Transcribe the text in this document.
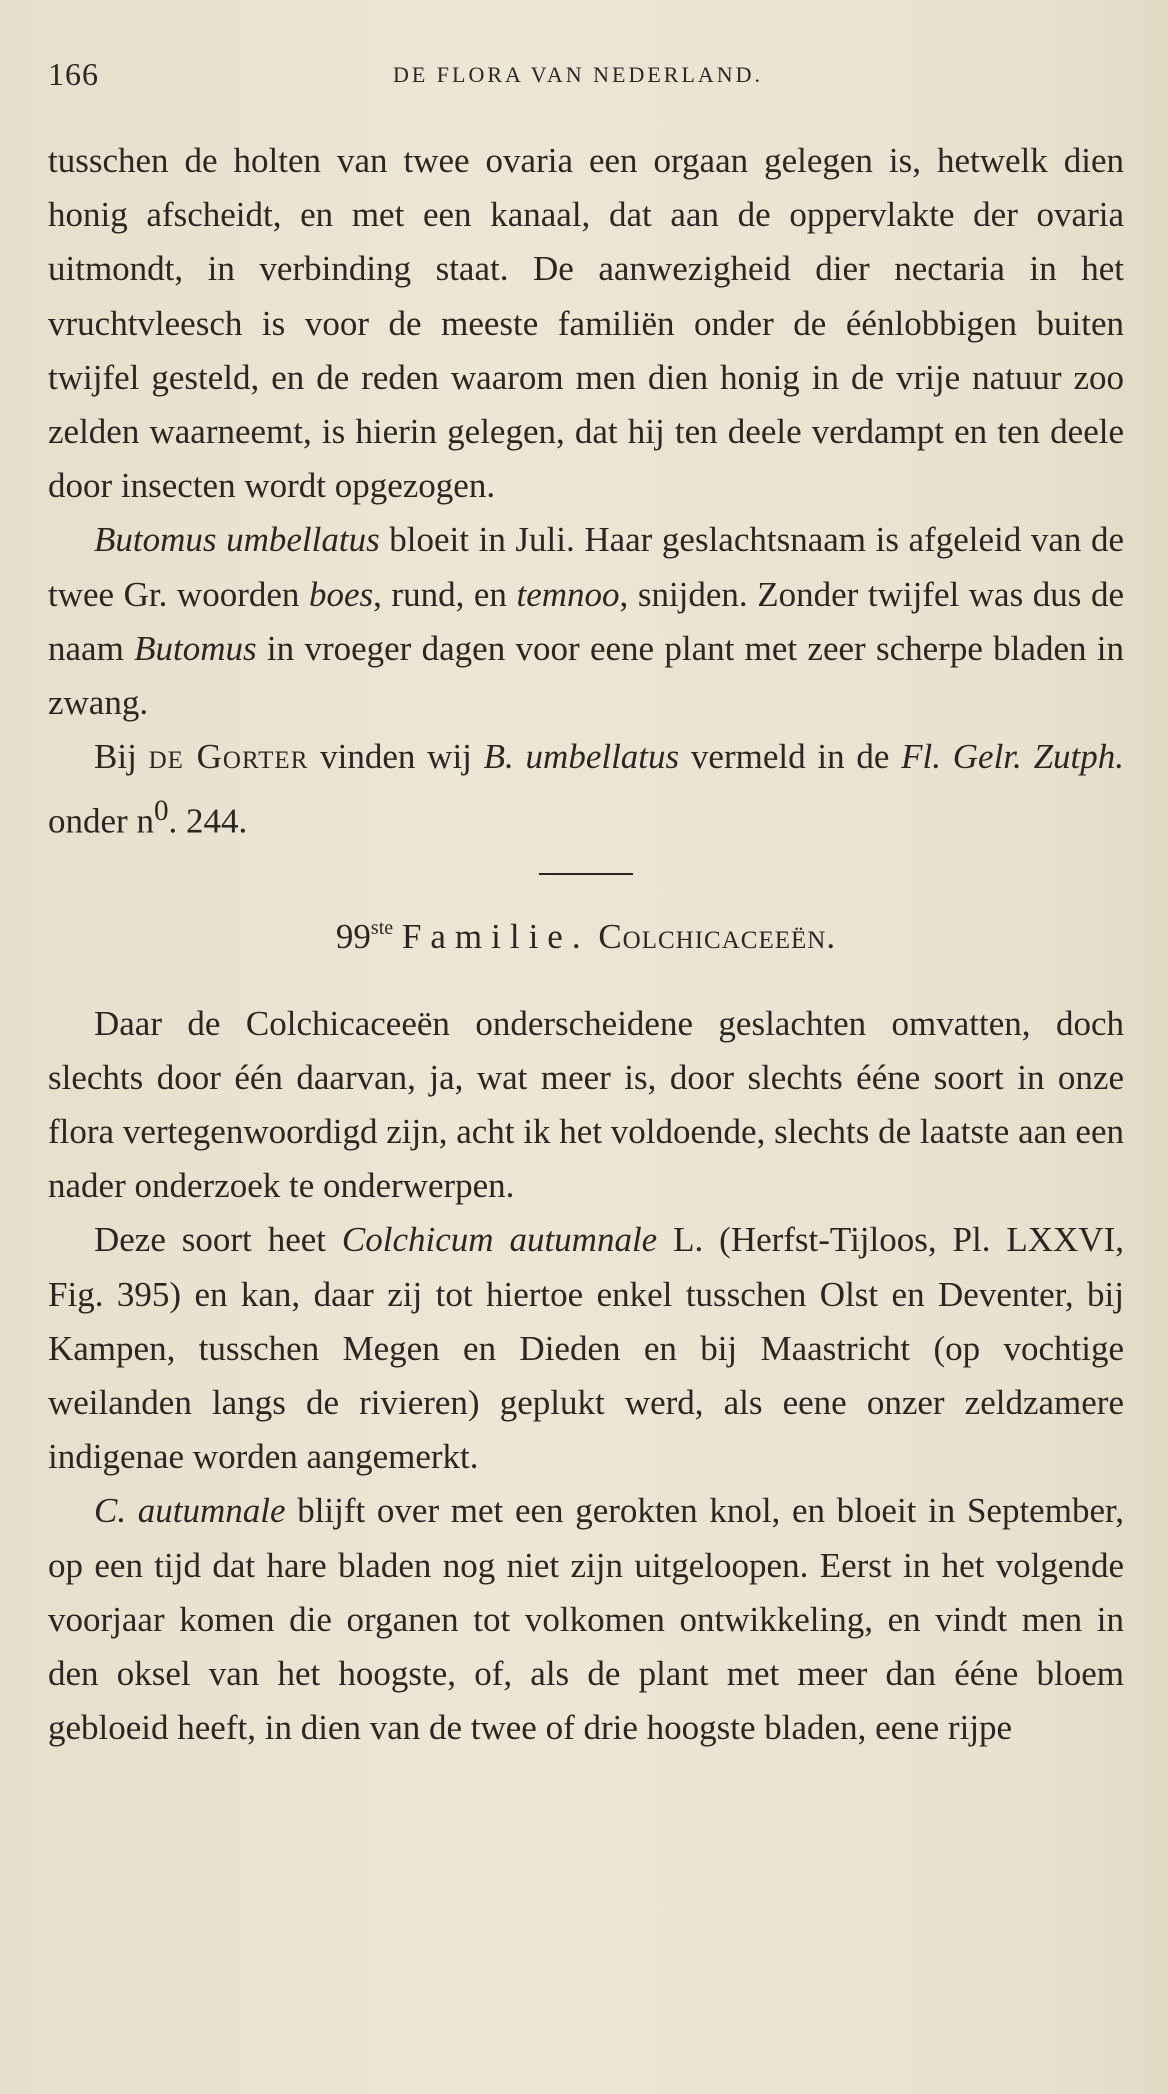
166	DE FLORA VAN NEDERLAND.

tusschen de holten van twee ovaria een orgaan gelegen is, hetwelk dien honig afscheidt, en met een kanaal, dat aan de oppervlakte der ovaria uitmondt, in verbinding staat. De aanwezigheid dier nectaria in het vruchtvleesch is voor de meeste familiën onder de éénlobbigen buiten twijfel gesteld, en de reden waarom men dien honig in de vrije natuur zoo zelden waarneemt, is hierin gelegen, dat hij ten deele verdampt en ten deele door insecten wordt opgezogen.

Butomus umbellatus bloeit in Juli. Haar geslachtsnaam is afgeleid van de twee Gr. woorden boes, rund, en temnoo, snijden. Zonder twijfel was dus de naam Butomus in vroeger dagen voor eene plant met zeer scherpe bladen in zwang.

Bij de Gorter vinden wij B. umbellatus vermeld in de Fl. Gelr. Zutph. onder $n^0$. 244.

99ste Familie. Colchicaceeën.

Daar de Colchicaceeën onderscheidene geslachten omvatten, doch slechts door één daarvan, ja, wat meer is, door slechts ééne soort in onze flora vertegenwoordigd zijn, acht ik het voldoende, slechts de laatste aan een nader onderzoek te onderwerpen.

Deze soort heet Colchicum autumnale L. (Herfst-Tijloos, Pl. LXXVI, Fig. 395) en kan, daar zij tot hiertoe enkel tusschen Olst en Deventer, bij Kampen, tusschen Megen en Dieden en bij Maastricht (op vochtige weilanden langs de rivieren) geplukt werd, als eene onzer zeldzamere indigenae worden aangemerkt.

C. autumnale blijft over met een gerokten knol, en bloeit in September, op een tijd dat hare bladen nog niet zijn uitgeloopen. Eerst in het volgende voorjaar komen die organen tot volkomen ontwikkeling, en vindt men in den oksel van het hoogste, of, als de plant met meer dan ééne bloem gebloeid heeft, in dien van de twee of drie hoogste bladen, eene rijpe
